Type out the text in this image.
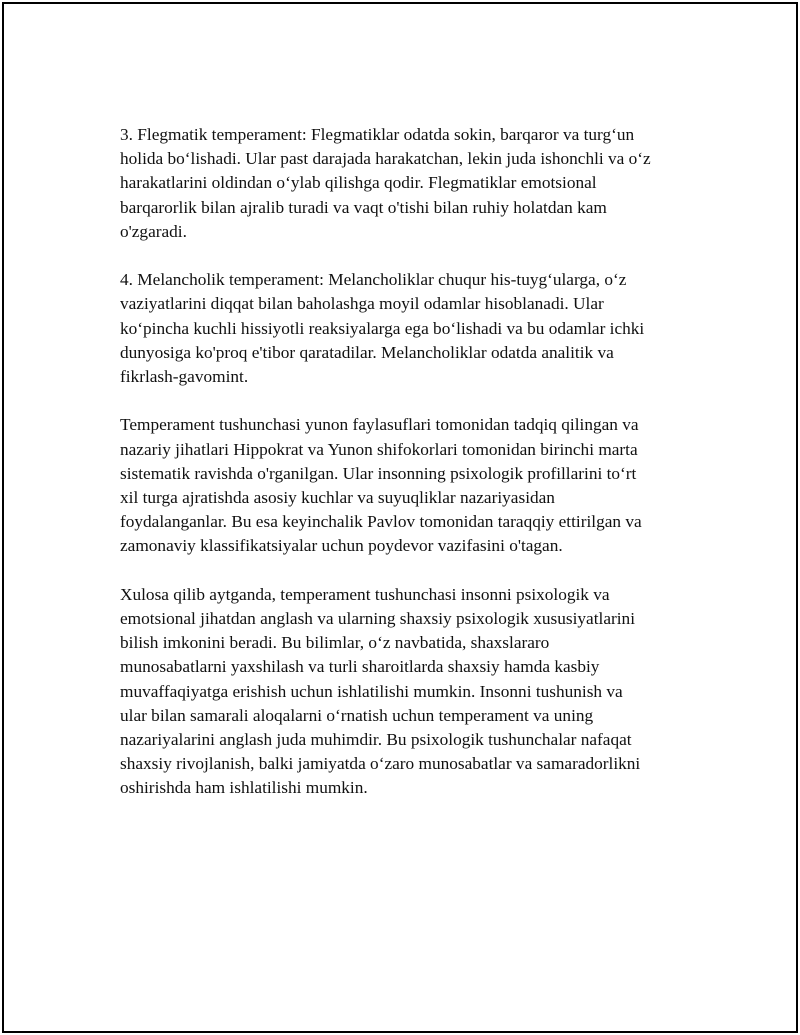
3. Flegmatik temperament: Flegmatiklar odatda sokin, barqaror va turg‘un
holida bo‘lishadi. Ular past darajada harakatchan, lekin juda ishonchli va o‘z
harakatlarini oldindan o‘ylab qilishga qodir. Flegmatiklar emotsional
barqarorlik bilan ajralib turadi va vaqt o'tishi bilan ruhiy holatdan kam
o'zgaradi.

4. Melancholik temperament: Melancholiklar chuqur his-tuyg‘ularga, o‘z
vaziyatlarini diqqat bilan baholashga moyil odamlar hisoblanadi. Ular
ko‘pincha kuchli hissiyotli reaksiyalarga ega bo‘lishadi va bu odamlar ichki
dunyosiga ko'proq e'tibor qaratadilar. Melancholiklar odatda analitik va
fikrlash-gavomint.

Temperament tushunchasi yunon faylasuflari tomonidan tadqiq qilingan va
nazariy jihatlari Hippokrat va Yunon shifokorlari tomonidan birinchi marta
sistematik ravishda o'rganilgan. Ular insonning psixologik profillarini to‘rt
xil turga ajratishda asosiy kuchlar va suyuqliklar nazariyasidan
foydalanganlar. Bu esa keyinchalik Pavlov tomonidan taraqqiy ettirilgan va
zamonaviy klassifikatsiyalar uchun poydevor vazifasini o'tagan.

Xulosa qilib aytganda, temperament tushunchasi insonni psixologik va
emotsional jihatdan anglash va ularning shaxsiy psixologik xususiyatlarini
bilish imkonini beradi. Bu bilimlar, o‘z navbatida, shaxslararo
munosabatlarni yaxshilash va turli sharoitlarda shaxsiy hamda kasbiy
muvaffaqiyatga erishish uchun ishlatilishi mumkin. Insonni tushunish va
ular bilan samarali aloqalarni o‘rnatish uchun temperament va uning
nazariyalarini anglash juda muhimdir. Bu psixologik tushunchalar nafaqat
shaxsiy rivojlanish, balki jamiyatda o‘zaro munosabatlar va samaradorlikni
oshirishda ham ishlatilishi mumkin.
